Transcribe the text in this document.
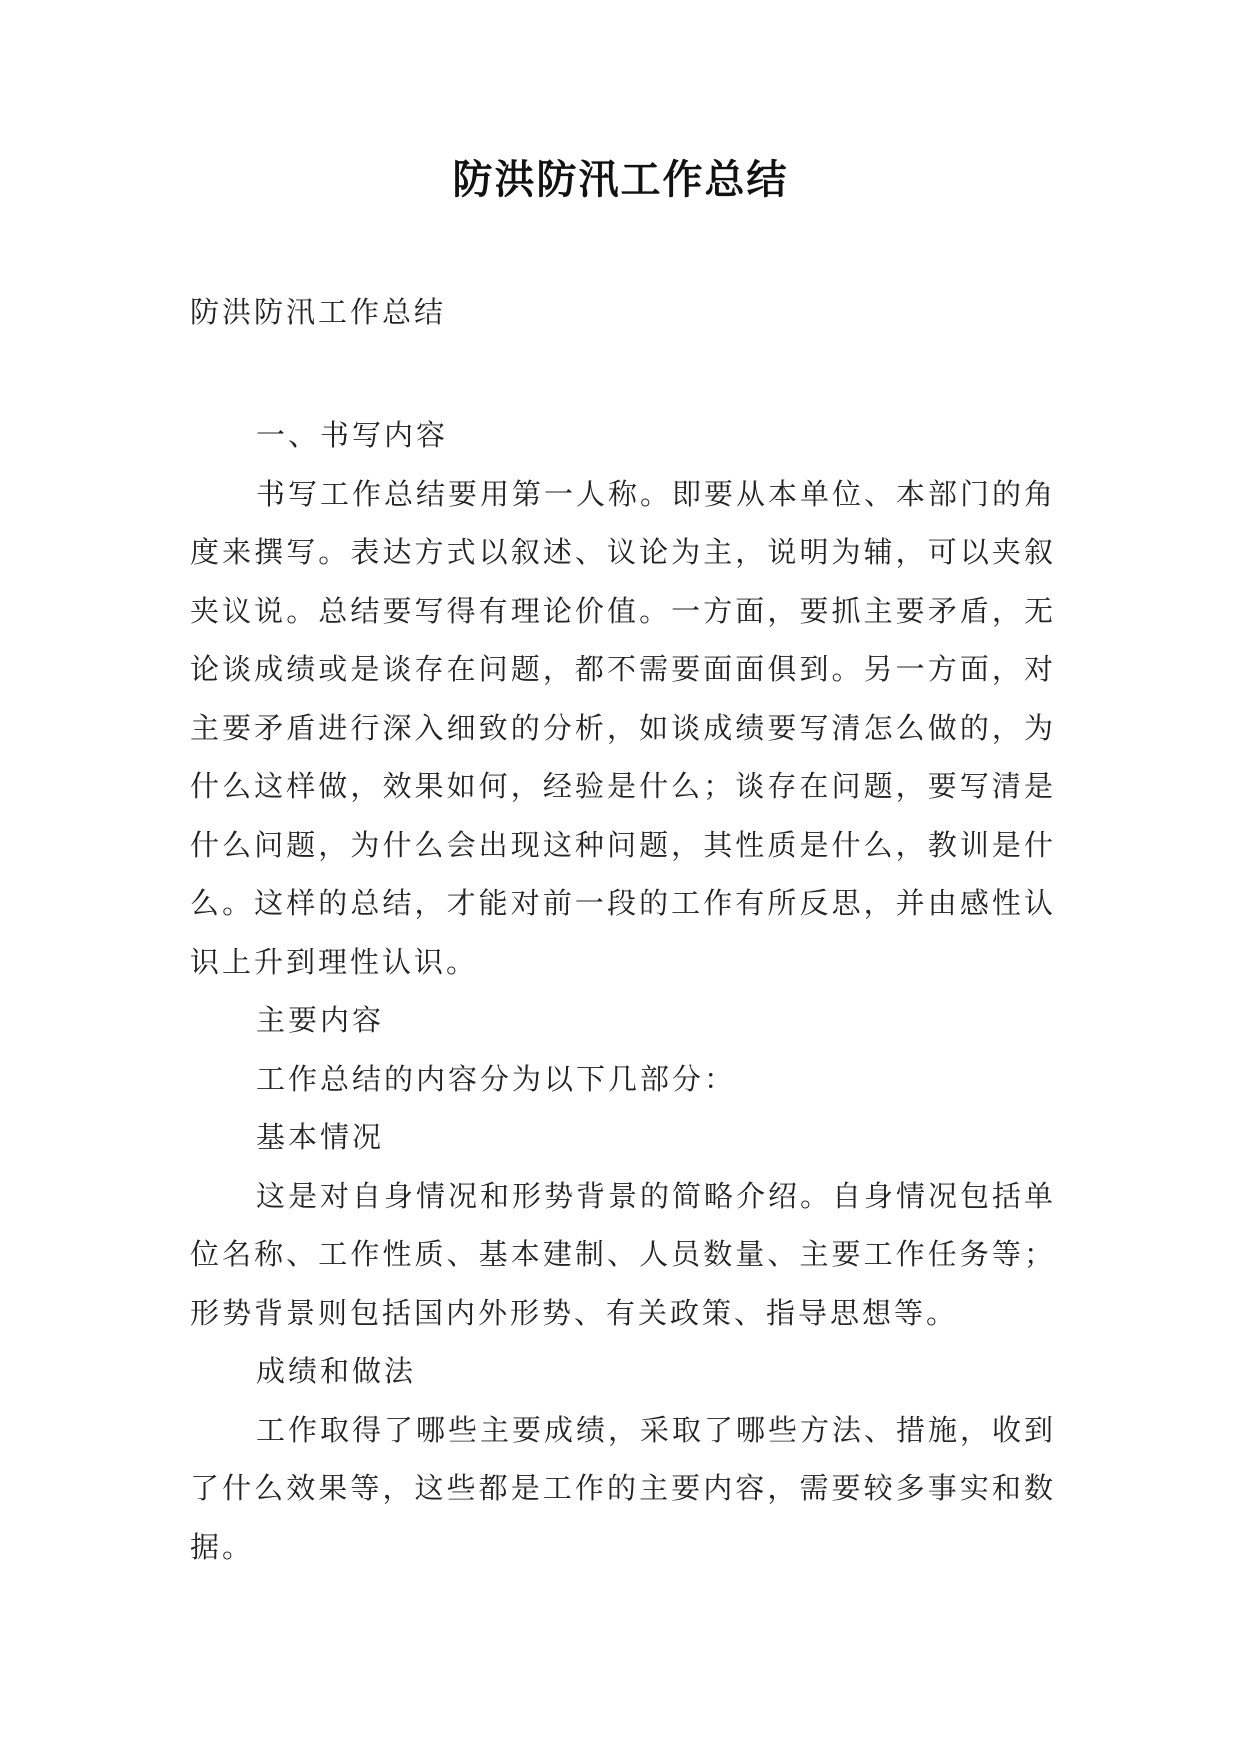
防洪防汛工作总结
防洪防汛工作总结

一、书写内容

书写工作总结要用第一人称。即要从本单位、本部门的角度来撰写。表达方式以叙述、议论为主，说明为辅，可以夹叙夹议说。总结要写得有理论价值。一方面，要抓主要矛盾，无论谈成绩或是谈存在问题，都不需要面面俱到。另一方面，对主要矛盾进行深入细致的分析，如谈成绩要写清怎么做的，为什么这样做，效果如何，经验是什么；谈存在问题，要写清是什么问题，为什么会出现这种问题，其性质是什么，教训是什么。这样的总结，才能对前一段的工作有所反思，并由感性认识上升到理性认识。

主要内容

工作总结的内容分为以下几部分：

基本情况

这是对自身情况和形势背景的简略介绍。自身情况包括单位名称、工作性质、基本建制、人员数量、主要工作任务等；形势背景则包括国内外形势、有关政策、指导思想等。

成绩和做法

工作取得了哪些主要成绩，采取了哪些方法、措施，收到了什么效果等，这些都是工作的主要内容，需要较多事实和数据。
